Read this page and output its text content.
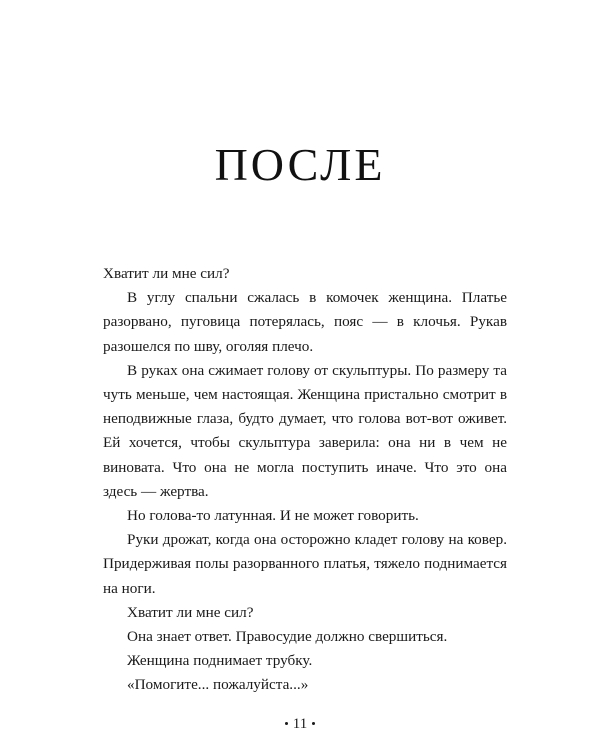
ПОСЛЕ

Хватит ли мне сил?

В углу спальни сжалась в комочек женщина. Платье разорвано, пуговица потерялась, пояс — в клочья. Рукав разошелся по шву, оголяя плечо.

В руках она сжимает голову от скульптуры. По размеру та чуть меньше, чем настоящая. Женщина пристально смотрит в неподвижные глаза, будто думает, что голова вот-вот оживет. Ей хочется, чтобы скульптура заверила: она ни в чем не виновата. Что она не могла поступить иначе. Что это она здесь — жертва.

Но голова-то латунная. И не может говорить.

Руки дрожат, когда она осторожно кладет голову на ковер. Придерживая полы разорванного платья, тяжело поднимается на ноги.

Хватит ли мне сил?

Она знает ответ. Правосудие должно свершиться.

Женщина поднимает трубку.

«Помогите... пожалуйста...»

11
